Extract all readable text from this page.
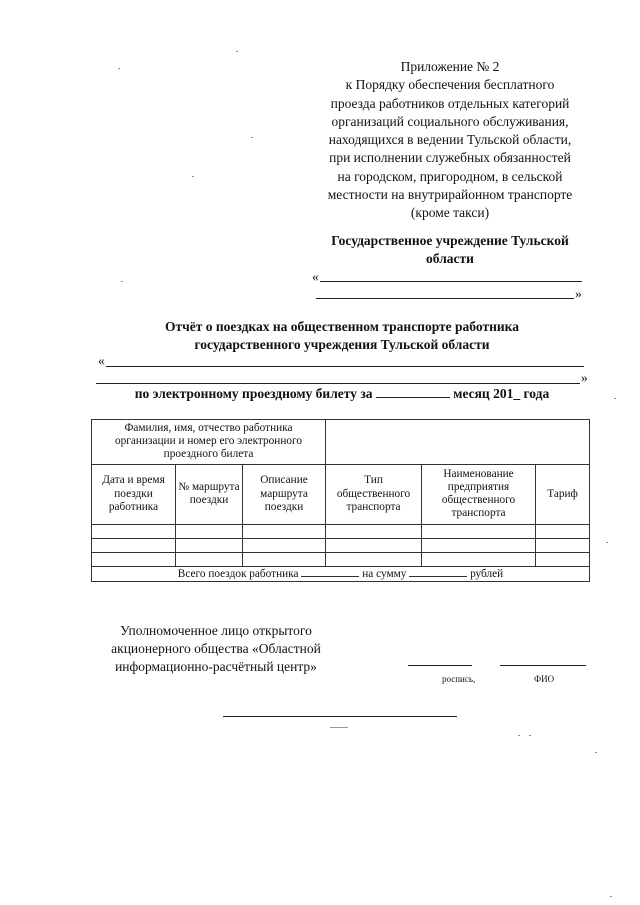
Приложение № 2
к Порядку обеспечения бесплатного
проезда работников отдельных категорий
организаций социального обслуживания,
находящихся в ведении Тульской области,
при исполнении служебных обязанностей
на городском, пригородном, в сельской
местности на внутрирайонном транспорте
(кроме такси)
Государственное учреждение Тульской
области
«
»
Отчёт о поездках на общественном транспорте работника
государственного учреждения Тульской области
«
»
по электронному проездному билету за	месяц 201_ года
Фамилия, имя, отчество работника организации и номер его электронного проездного билета					
Дата и время поездки работника	№ маршрута поездки	Описание маршрута поездки	Тип общественного транспорта	Наименование предприятия общественного транспорта	Тариф

Всего поездок работника на сумму рублей					
Уполномоченное лицо открытого акционерного общества «Областной информационно-расчётный центр»
роспись,	ФИО
